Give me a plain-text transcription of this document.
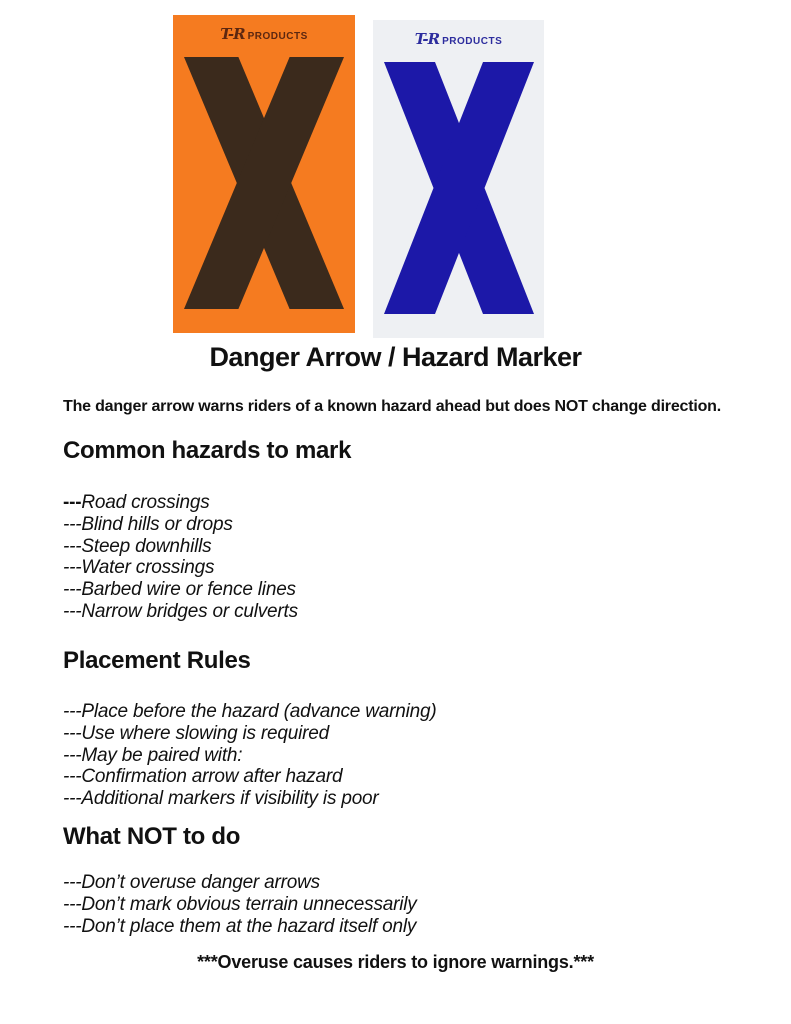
T-R PRODUCTS	T-R PRODUCTS
Danger Arrow / Hazard Marker
The danger arrow warns riders of a known hazard ahead but does NOT change direction.
Common hazards to mark
---Road crossings
---Blind hills or drops
---Steep downhills
---Water crossings
---Barbed wire or fence lines
---Narrow bridges or culverts
Placement Rules
---Place before the hazard (advance warning)
---Use where slowing is required
---May be paired with:
---Confirmation arrow after hazard
---Additional markers if visibility is poor
What NOT to do
---Don’t overuse danger arrows
---Don’t mark obvious terrain unnecessarily
---Don’t place them at the hazard itself only
***Overuse causes riders to ignore warnings.***
